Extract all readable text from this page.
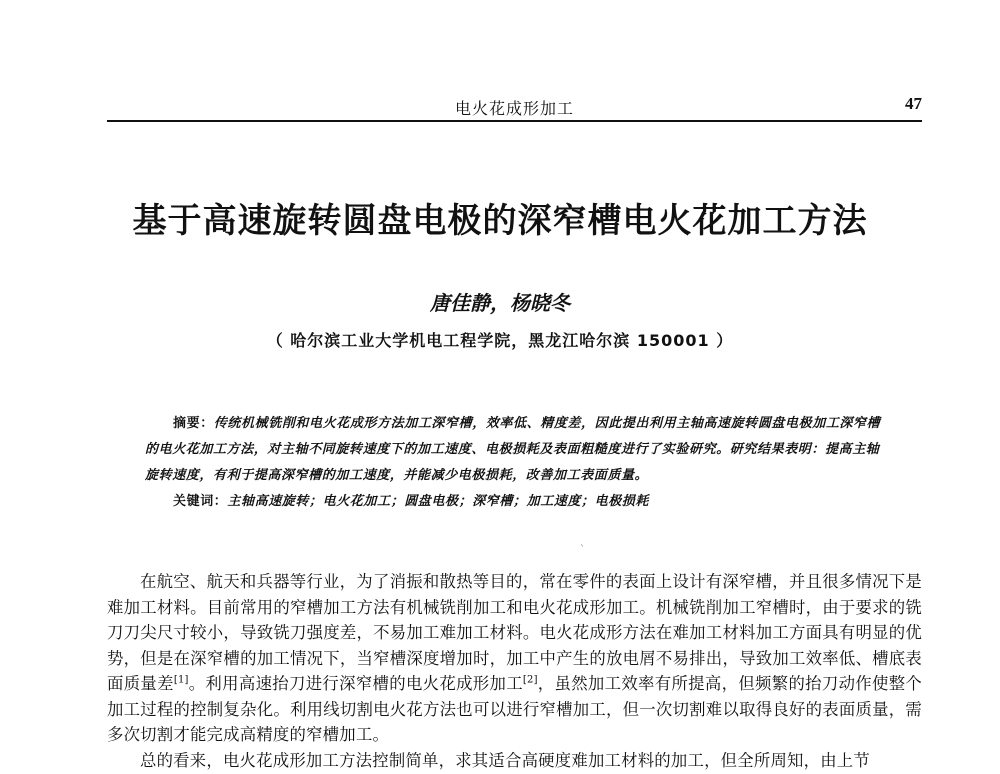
电火花成形加工	47
基于高速旋转圆盘电极的深窄槽电火花加工方法
唐佳静，杨晓冬
（ 哈尔滨工业大学机电工程学院，黑龙江哈尔滨 150001 ）

摘要：传统机械铣削和电火花成形方法加工深窄槽，效率低、精度差，因此提出利用主轴高速旋转圆盘电极加工深窄槽的电火花加工方法，对主轴不同旋转速度下的加工速度、电极损耗及表面粗糙度进行了实验研究。研究结果表明：提高主轴旋转速度，有利于提高深窄槽的加工速度，并能减少电极损耗，改善加工表面质量。

关键词：主轴高速旋转；电火花加工；圆盘电极；深窄槽；加工速度；电极损耗

ˋ

在航空、航天和兵器等行业，为了消振和散热等目的，常在零件的表面上设计有深窄槽，并且很多情况下是难加工材料。目前常用的窄槽加工方法有机械铣削加工和电火花成形加工。机械铣削加工窄槽时，由于要求的铣刀刀尖尺寸较小，导致铣刀强度差，不易加工难加工材料。电火花成形方法在难加工材料加工方面具有明显的优势，但是在深窄槽的加工情况下，当窄槽深度增加时，加工中产生的放电屑不易排出，导致加工效率低、槽底表面质量差[1]。利用高速抬刀进行深窄槽的电火花成形加工[2]，虽然加工效率有所提高，但频繁的抬刀动作使整个加工过程的控制复杂化。利用线切割电火花方法也可以进行窄槽加工，但一次切割难以取得良好的表面质量，需多次切割才能完成高精度的窄槽加工。

总的看来，电火花成形加工方法控制简单，求其适合高硬度难加工材料的加工，但全所周知，由上节
